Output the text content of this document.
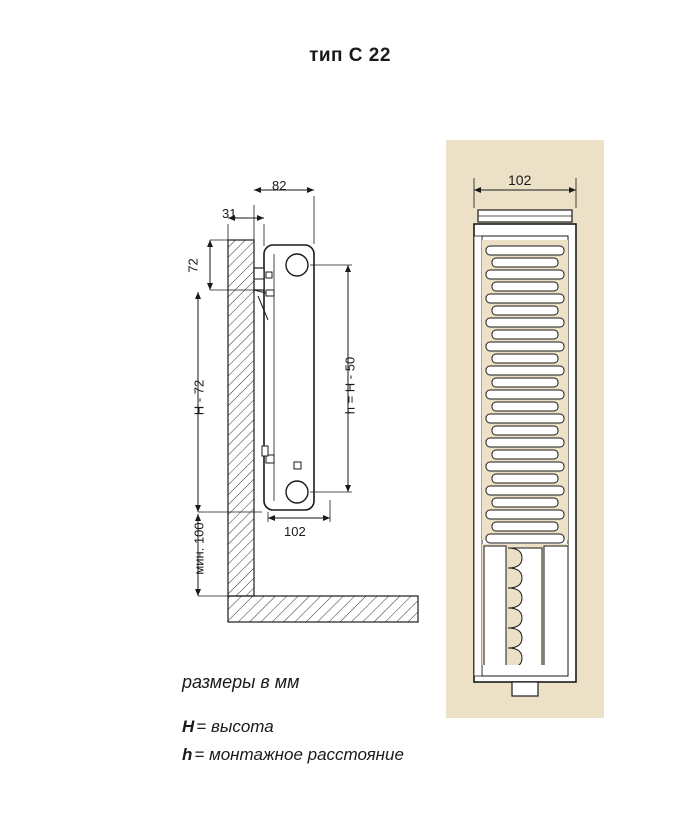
тип C 22
82
31
72
H - 72
мин. 100
h = H - 50
102
102
размеры в мм
H = высота
h = монтажное расстояние
